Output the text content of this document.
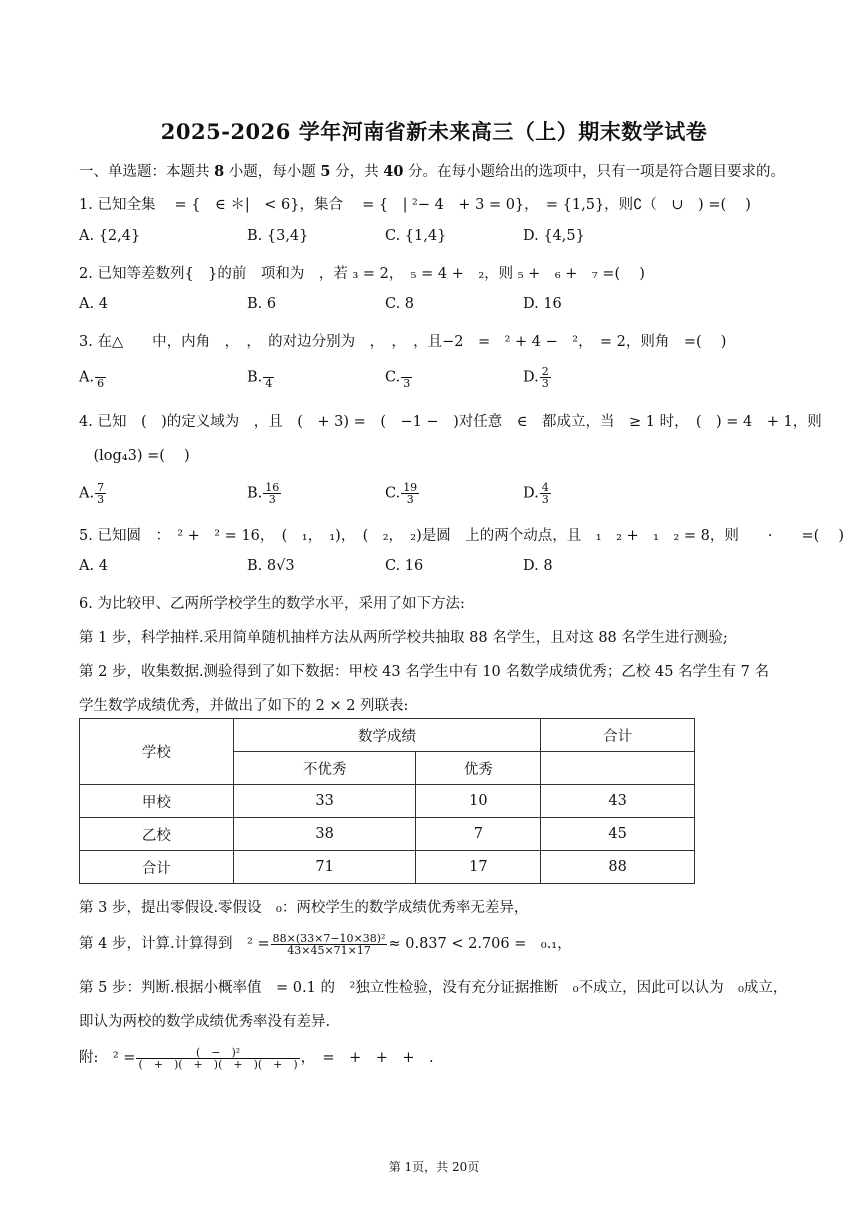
2025-2026 学年河南省新未来高三（上）期末数学试卷
一、单选题：本题共 8 小题，每小题 5 分，共 40 分。在每小题给出的选项中，只有一项是符合题目要求的。
1. 已知全集 　= {　∈ ＊|　< 6}，集合 　= {　| ²− 4　+ 3 = 0}，　= {1,5}，则∁（　∪　) =(　 )
A. {2,4}	B. {3,4}	C. {1,4}	D. {4,5}
2. 已知等差数列{　}的前　项和为　，若 ₃ = 2，　₅ = 4 +　₂，则 ₅ +　₆ +　₇ =(　 )
A. 4	B. 6	C. 8	D. 16
3. 在△　　中，内角　，　，　的对边分别为　，　，　，且−2　=　² + 4 −　²，　= 2，则角　=(　 )
A.
6	B.
4	C.
3	D. $\frac{2}{3}$
4. 已知　(　)的定义域为　，且　(　+ 3) =　(　−1 −　)对任意　∈　都成立，当　≥ 1 时，　(　) = 4　+ 1，则
　(log₄3) =(　 )
A. $\frac{7}{3}$	B. $\frac{16}{3}$	C. $\frac{19}{3}$	D. $\frac{4}{3}$
5. 已知圆　：　² +　² = 16，　(　₁，　₁)，　(　₂，　₂)是圆　上的两个动点，且　₁　₂ +　₁　₂ = 8，则　　·　　=(　 )
A. 4	B. 8√3	C. 16	D. 8
6. 为比较甲、乙两所学校学生的数学水平，采用了如下方法:
第 1 步，科学抽样.采用简单随机抽样方法从两所学校共抽取 88 名学生，且对这 88 名学生进行测验;
第 2 步，收集数据.测验得到了如下数据：甲校 43 名学生中有 10 名数学成绩优秀；乙校 45 名学生有 7 名
学生数学成绩优秀，并做出了如下的 2 × 2 列联表:
学校	数学成绩		合计
	不优秀	优秀	
甲校	33	10	43
乙校	38	7	45
合计	71	17	88
第 3 步，提出零假设.零假设　₀：两校学生的数学成绩优秀率无差异，
第 4 步，计算.计算得到　$^2 = \frac{\text{88×(33×7−10×38)²}}{43\times 45\times 71\times 17} \approx 0.837 < 2.706$ =　₀.₁，
第 5 步：判断.根据小概率值　= 0.1 的　²独立性检验，没有充分证据推断　₀不成立，因此可以认为　₀成立，
即认为两校的数学成绩优秀率没有差异.
附:　$^2 = \frac{\text{(　−　)²}}{( + )( + )( + )( + )}$ ，　=　+　+　+　.
第 1页，共 20页
